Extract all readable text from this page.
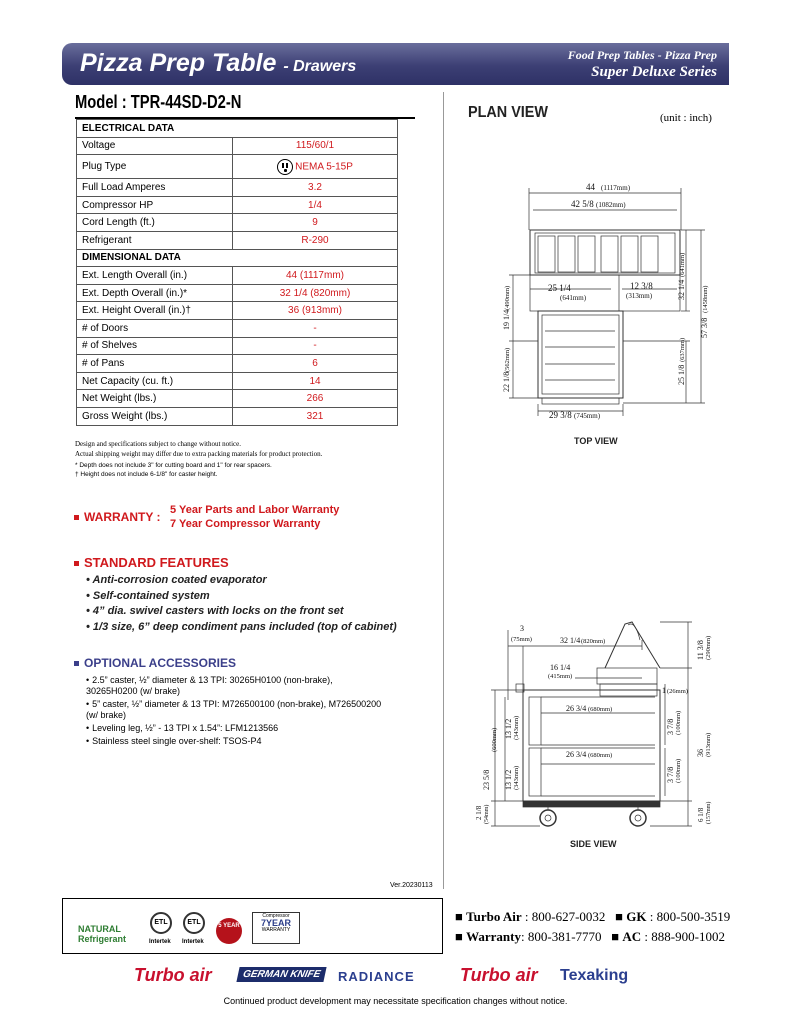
Pizza Prep Table - Drawers
Food Prep Tables - Pizza Prep
Super Deluxe Series
Model : TPR-44SD-D2-N
ELECTRICAL DATA	
Voltage	115/60/1
Plug Type	NEMA 5-15P
Full Load Amperes	3.2
Compressor HP	1/4
Cord Length (ft.)	9
Refrigerant	R-290
DIMENSIONAL DATA	
Ext. Length Overall (in.)	44 (1117mm)
Ext. Depth Overall (in.)*	32 1/4 (820mm)
Ext. Height Overall (in.)†	36 (913mm)
# of Doors	-
# of Shelves	-
# of Pans	6
Net Capacity (cu. ft.)	14
Net Weight (lbs.)	266
Gross Weight (lbs.)	321
Design and specifications subject to change without notice.
Actual shipping weight may differ due to extra packing materials for product protection.
* Depth does not include 3" for cutting board and 1" for rear spacers.
† Height does not include 6-1/8" for caster height.
WARRANTY : 5 Year Parts and Labor Warranty
7 Year Compressor Warranty
STANDARD FEATURES
• Anti-corrosion coated evaporator
• Self-contained system
• 4” dia. swivel casters with locks on the front set
• 1/3 size, 6” deep condiment pans included (top of cabinet)
OPTIONAL ACCESSORIES
• 2.5” caster, ½” diameter & 13 TPI: 30265H0100 (non-brake), 30265H0200 (w/ brake)
• 5” caster, ½” diameter & 13 TPI: M726500100 (non-brake), M726500200 (w/ brake)
• Leveling leg, ½” - 13 TPI x 1.54”: LFM1213566
• Stainless steel single over-shelf: TSOS-P4
Ver.20230113
PLAN VIEW	(unit : inch)
44 (1117mm)
42 5/8 (1082mm)
25 1/4
(641mm)
12 3/8
(313mm)
19 1/4
(490mm)
22 1/8
(562mm)
32 1/4
(641mm)
57 3/8
(1458mm)
25 1/8
(637mm)
29 3/8 (745mm)
3
(75mm)	32 1/4 (820mm)
16 1/4
(415mm)
1 (26mm)
26 3/4 (680mm)
26 3/4 (680mm)
13 1/2 (343mm)
13 1/2 (343mm)
3 7/8 (100mm)
3 7/8 (100mm)
11 3/8 (290mm)
36 (913mm)
23 5/8
(600mm)
2 1/8 (54mm)	6 1/8 (157mm)
TOP VIEW
SIDE VIEW
NATURAL
Refrigerant
ETL
Intertek
ETL
Intertek
5 YEAR
Compressor
7YEAR
WARRANTY
■ Turbo Air : 800-627-0032   ■ GK : 800-500-3519
■ Warranty: 800-381-7770   ■ AC : 888-900-1002
Turbo air	GERMAN KNIFE	RADIANCE	Turbo air Texaking
Continued product development may necessitate specification changes without notice.
